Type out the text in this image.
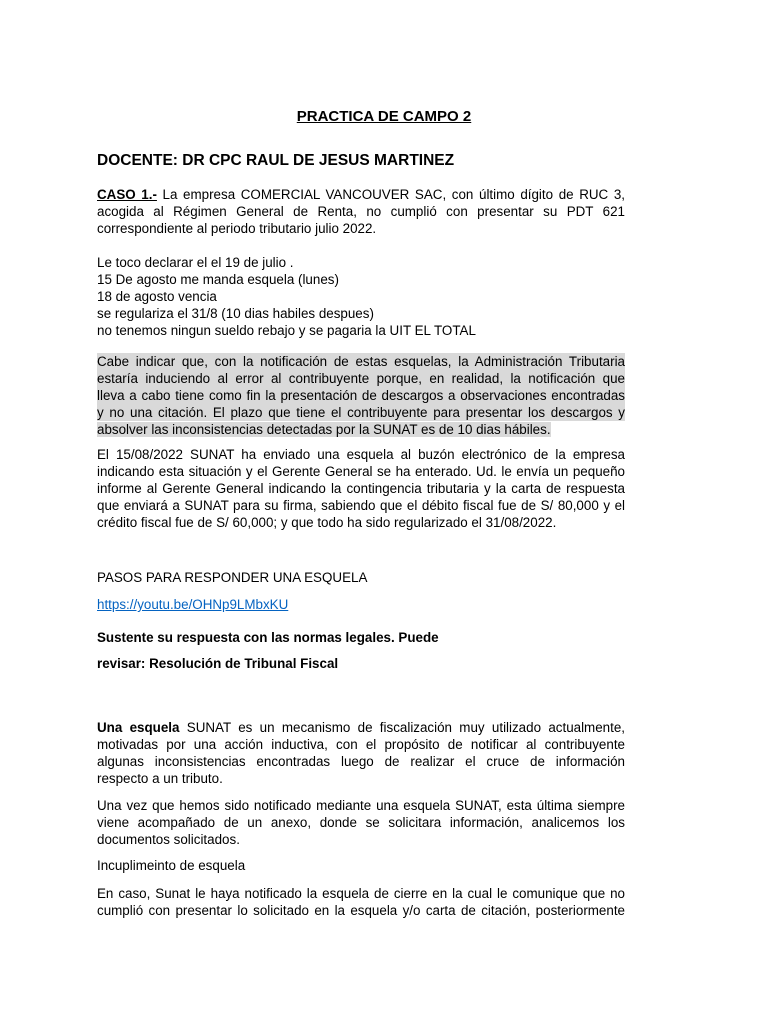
PRACTICA DE CAMPO 2
DOCENTE: DR CPC RAUL DE JESUS MARTINEZ
CASO 1.- La empresa COMERCIAL VANCOUVER SAC, con último dígito de RUC 3,
acogida al Régimen General de Renta, no cumplió con presentar su PDT 621
correspondiente al periodo tributario julio 2022.
Le toco declarar el el 19 de julio .
15 De agosto me manda esquela (lunes)
18 de agosto vencia
se regulariza el 31/8 (10 dias habiles despues)
no tenemos ningun sueldo rebajo y se pagaria la UIT EL TOTAL
Cabe indicar que, con la notificación de estas esquelas, la Administración Tributaria
estaría induciendo al error al contribuyente porque, en realidad, la notificación que
lleva a cabo tiene como fin la presentación de descargos a observaciones encontradas
y no una citación. El plazo que tiene el contribuyente para presentar los descargos y
absolver las inconsistencias detectadas por la SUNAT es de 10 dias hábiles.
El 15/08/2022 SUNAT ha enviado una esquela al buzón electrónico de la empresa
indicando esta situación y el Gerente General se ha enterado. Ud. le envía un pequeño
informe al Gerente General indicando la contingencia tributaria y la carta de respuesta
que enviará a SUNAT para su firma, sabiendo que el débito fiscal fue de S/ 80,000 y el
crédito fiscal fue de S/ 60,000; y que todo ha sido regularizado el 31/08/2022.
PASOS PARA RESPONDER UNA ESQUELA
https://youtu.be/OHNp9LMbxKU
Sustente su respuesta con las normas legales. Puede
revisar: Resolución de Tribunal Fiscal
Una esquela SUNAT es un mecanismo de fiscalización muy utilizado actualmente,
motivadas por una acción inductiva, con el propósito de notificar al contribuyente
algunas inconsistencias encontradas luego de realizar el cruce de información
respecto a un tributo.
Una vez que hemos sido notificado mediante una esquela SUNAT, esta última siempre
viene acompañado de un anexo, donde se solicitara información, analicemos los
documentos solicitados.
Incuplimeinto de esquela
En caso, Sunat le haya notificado la esquela de cierre en la cual le comunique que no
cumplió con presentar lo solicitado en la esquela y/o carta de citación, posteriormente
